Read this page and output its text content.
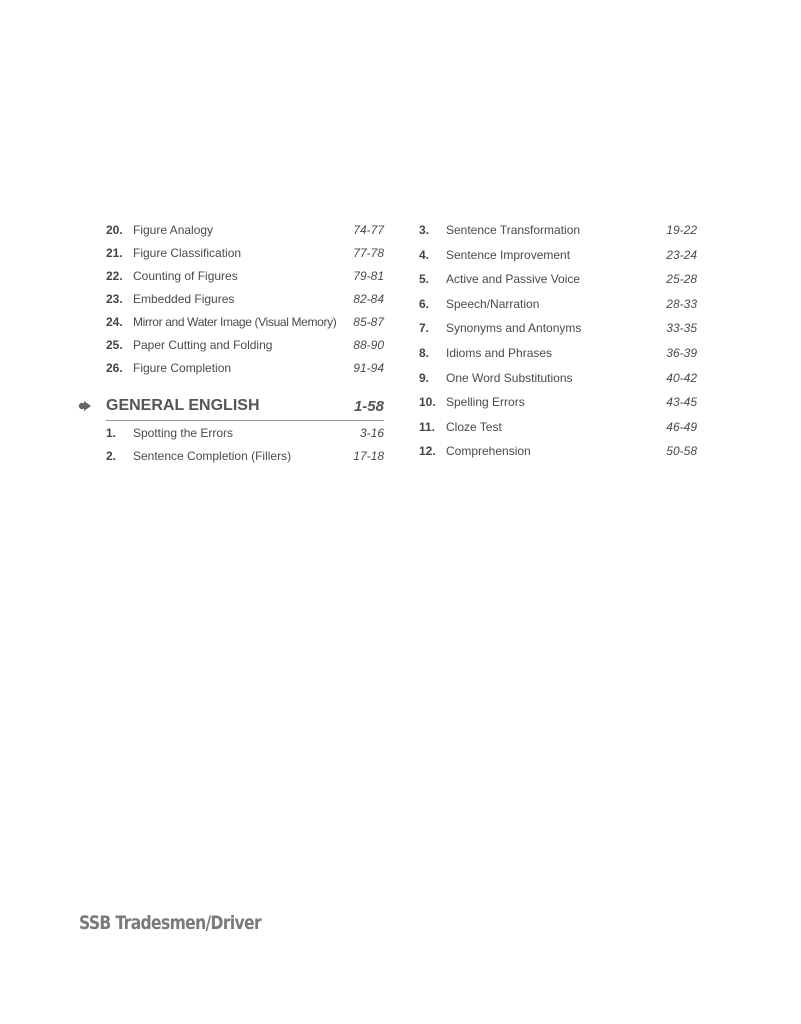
20. Figure Analogy	74-77
21. Figure Classification	77-78
22. Counting of Figures	79-81
23. Embedded Figures	82-84
24. Mirror and Water Image (Visual Memory)	85-87
25. Paper Cutting and Folding	88-90
26. Figure Completion	91-94
GENERAL ENGLISH	1-58
1.	Spotting the Errors	3-16
2.	Sentence Completion (Fillers)	17-18
3.	Sentence Transformation	19-22
4.	Sentence Improvement	23-24
5.	Active and Passive Voice	25-28
6.	Speech/Narration	28-33
7.	Synonyms and Antonyms	33-35
8.	Idioms and Phrases	36-39
9.	One Word Substitutions	40-42
10. Spelling Errors	43-45
11. Cloze Test	46-49
12. Comprehension	50-58
SSB Tradesmen/Driver
